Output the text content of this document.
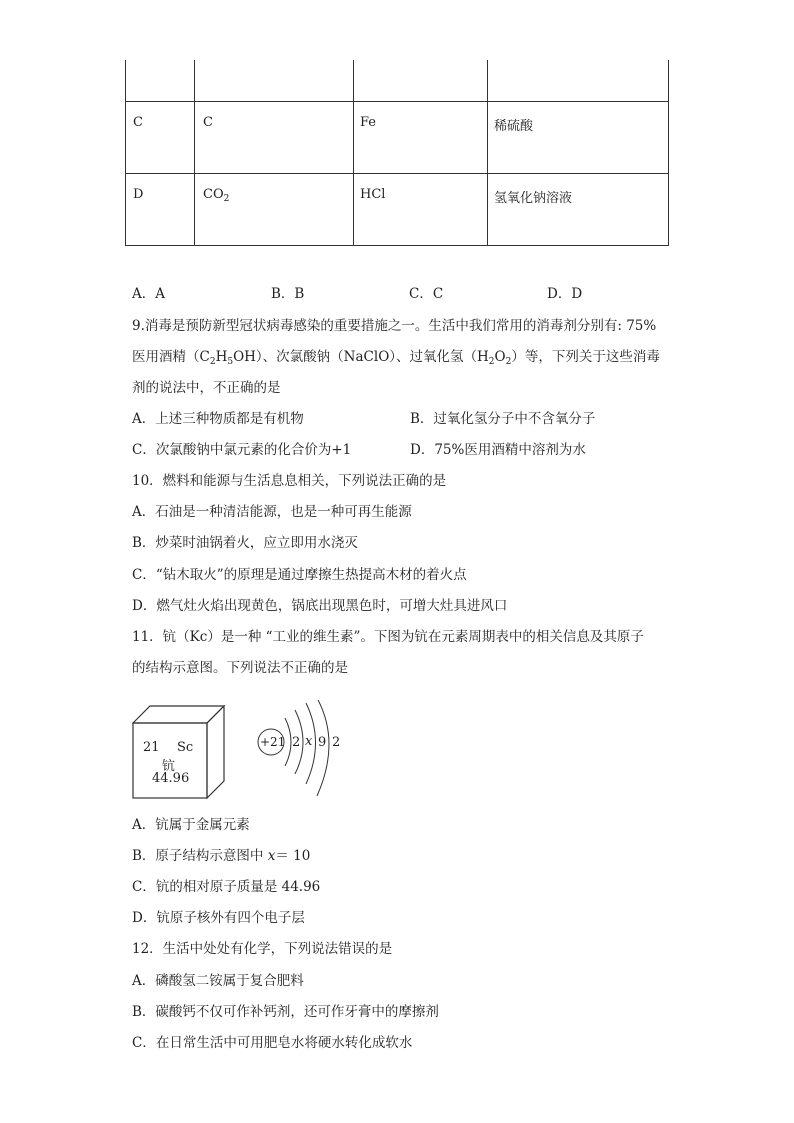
C	C	Fe	稀硫酸
D	$CO_2$	HCl	氢氧化钠溶液
A．A	B．B	C．C	D．D
9.消毒是预防新型冠状病毒感染的重要措施之一。生活中我们常用的消毒剂分别有: 75%
医用酒精$(C_2H_5OH)$、次氯酸钠（NaClO）、过氧化氢$(H_2O_2)$等，下列关于这些消毒
剂的说法中，不正确的是
A．上述三种物质都是有机物	B．过氧化氢分子中不含氧分子
C．次氯酸钠中氯元素的化合价为+1	D．75%医用酒精中溶剂为水
10．燃料和能源与生活息息相关，下列说法正确的是
A．石油是一种清洁能源，也是一种可再生能源
B．炒菜时油锅着火，应立即用水浇灭
C．“钻木取火”的原理是通过摩擦生热提高木材的着火点
D．燃气灶火焰出现黄色，锅底出现黑色时，可增大灶具进风口
11．钪（Kc）是一种 “工业的维生素”。下图为钪在元素周期表中的相关信息及其原子
的结构示意图。下列说法不正确的是
21 Sc
钪
44.96
+21 2 x 9 2
A．钪属于金属元素
B．原子结构示意图中 x＝ 10
C．钪的相对原子质量是 44.96
D．钪原子核外有四个电子层
12．生活中处处有化学，下列说法错误的是
A．磷酸氢二铵属于复合肥料
B．碳酸钙不仅可作补钙剂，还可作牙膏中的摩擦剂
C．在日常生活中可用肥皂水将硬水转化成软水
